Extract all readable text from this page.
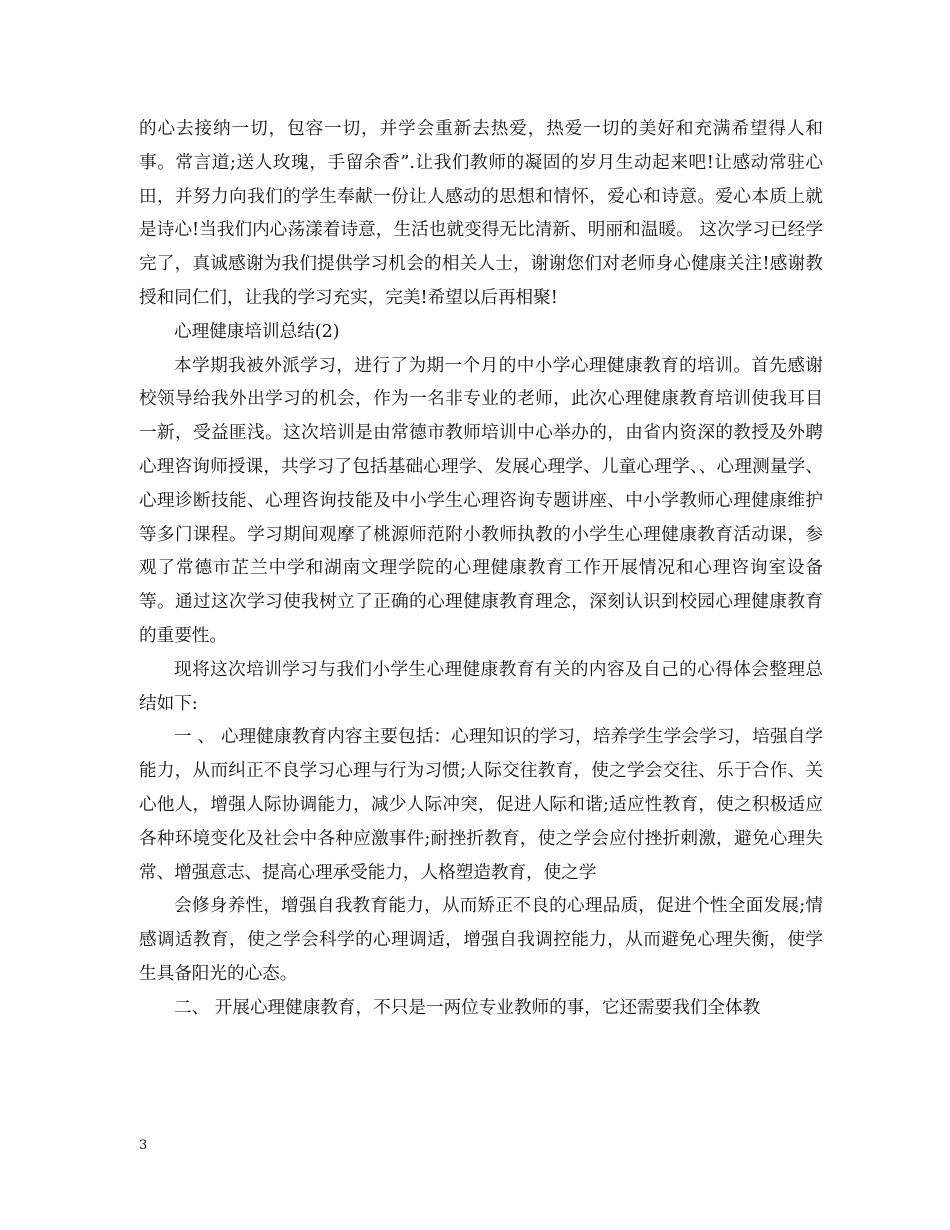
的心去接纳一切，包容一切，并学会重新去热爱，热爱一切的美好和充满希望得人和事。常言道;送人玫瑰，手留余香”.让我们教师的凝固的岁月生动起来吧!让感动常驻心田，并努力向我们的学生奉献一份让人感动的思想和情怀，爱心和诗意。爱心本质上就是诗心!当我们内心荡漾着诗意，生活也就变得无比清新、明丽和温暖。 这次学习已经学完了，真诚感谢为我们提供学习机会的相关人士，谢谢您们对老师身心健康关注!感谢教授和同仁们，让我的学习充实，完美!希望以后再相聚!

心理健康培训总结(2)

本学期我被外派学习，进行了为期一个月的中小学心理健康教育的培训。首先感谢校领导给我外出学习的机会，作为一名非专业的老师，此次心理健康教育培训使我耳目一新，受益匪浅。这次培训是由常德市教师培训中心举办的，由省内资深的教授及外聘心理咨询师授课，共学习了包括基础心理学、发展心理学、儿童心理学、、心理测量学、心理诊断技能、心理咨询技能及中小学生心理咨询专题讲座、中小学教师心理健康维护等多门课程。学习期间观摩了桃源师范附小教师执教的小学生心理健康教育活动课，参观了常德市芷兰中学和湖南文理学院的心理健康教育工作开展情况和心理咨询室设备等。通过这次学习使我树立了正确的心理健康教育理念，深刻认识到校园心理健康教育的重要性。

现将这次培训学习与我们小学生心理健康教育有关的内容及自己的心得体会整理总结如下:

一 、 心理健康教育内容主要包括：心理知识的学习，培养学生学会学习，培强自学能力，从而纠正不良学习心理与行为习惯;人际交往教育，使之学会交往、乐于合作、关心他人，增强人际协调能力，减少人际冲突，促进人际和谐;适应性教育，使之积极适应各种环境变化及社会中各种应激事件;耐挫折教育，使之学会应付挫折刺激，避免心理失常、增强意志、提高心理承受能力，人格塑造教育，使之学

会修身养性，增强自我教育能力，从而矫正不良的心理品质，促进个性全面发展;情感调适教育，使之学会科学的心理调适，增强自我调控能力，从而避免心理失衡，使学生具备阳光的心态。

二、 开展心理健康教育，不只是一两位专业教师的事，它还需要我们全体教

3
